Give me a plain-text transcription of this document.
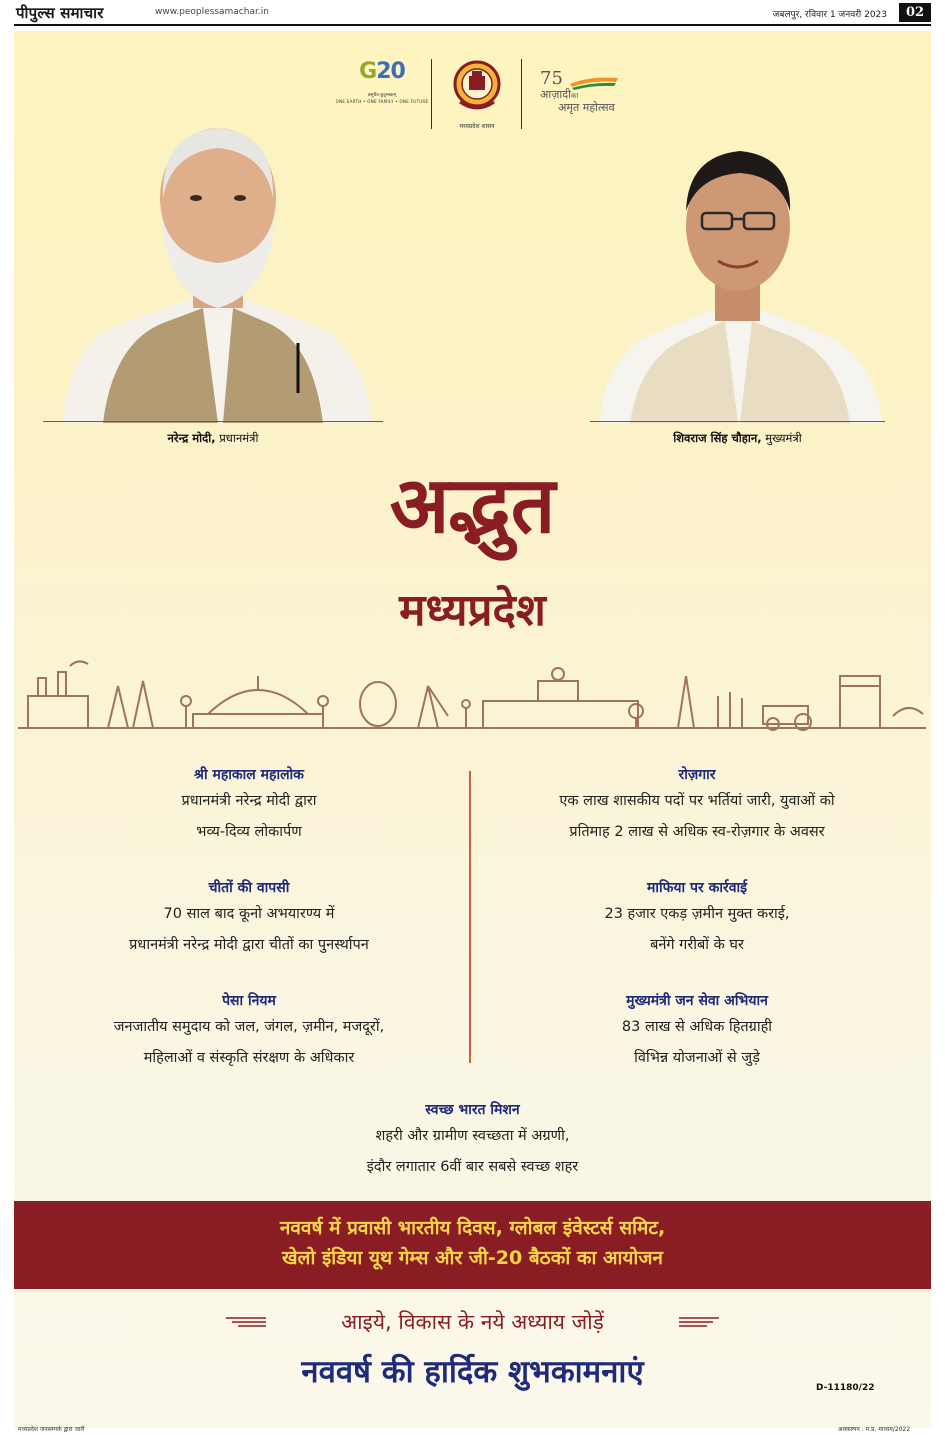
पीपुल्स समाचार	www.peoplessamachar.in	जबलपुर, रविवार 1 जनवरी 2023	02
G20
वसुधैव कुटुम्बकम्
ONE EARTH • ONE FAMILY • ONE FUTURE
मध्यप्रदेश शासन
75
आज़ादीका
अमृत महोत्सव
नरेन्द्र मोदी, प्रधानमंत्री	शिवराज सिंह चौहान, मुख्यमंत्री
अद्भुत
मध्यप्रदेश
श्री महाकाल महालोक
प्रधानमंत्री नरेन्द्र मोदी द्वारा
भव्य-दिव्य लोकार्पण
चीतों की वापसी
70 साल बाद कूनो अभयारण्य में
प्रधानमंत्री नरेन्द्र मोदी द्वारा चीतों का पुनर्स्थापन
पेसा नियम
जनजातीय समुदाय को जल, जंगल, ज़मीन, मजदूरों,
महिलाओं व संस्कृति संरक्षण के अधिकार
रोज़गार
एक लाख शासकीय पदों पर भर्तियां जारी, युवाओं को
प्रतिमाह 2 लाख से अधिक स्व-रोज़गार के अवसर
माफिया पर कार्रवाई
23 हजार एकड़ ज़मीन मुक्त कराई,
बनेंगे गरीबों के घर
मुख्यमंत्री जन सेवा अभियान
83 लाख से अधिक हितग्राही
विभिन्न योजनाओं से जुड़े
स्वच्छ भारत मिशन
शहरी और ग्रामीण स्वच्छता में अग्रणी,
इंदौर लगातार 6वीं बार सबसे स्वच्छ शहर
नववर्ष में प्रवासी भारतीय दिवस, ग्लोबल इंवेस्टर्स समिट,
खेलो इंडिया यूथ गेम्स और जी-20 बैठकों का आयोजन
आइये, विकास के नये अध्याय जोड़ें
नववर्ष की हार्दिक शुभकामनाएं	D-11180/22
मध्यप्रदेश जनसम्पर्क द्वारा जारी	अवकल्पन : म.प्र. माध्यम/2022
